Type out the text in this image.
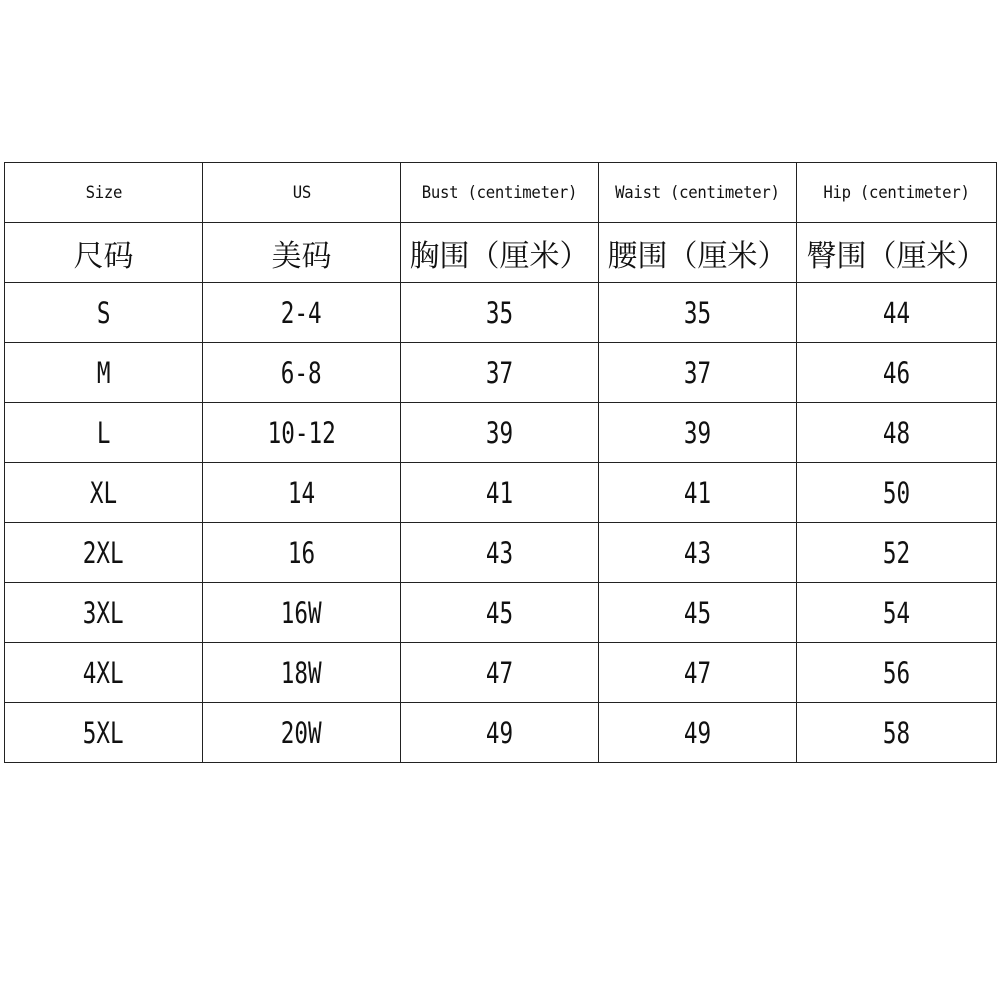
Size	US	Bust (centimeter)	Waist (centimeter)	Hip (centimeter)
尺码	美码	胸围（厘米）	腰围（厘米）	臀围（厘米）
S	2-4	35	35	44
M	6-8	37	37	46
L	10-12	39	39	48
XL	14	41	41	50
2XL	16	43	43	52
3XL	16W	45	45	54
4XL	18W	47	47	56
5XL	20W	49	49	58
